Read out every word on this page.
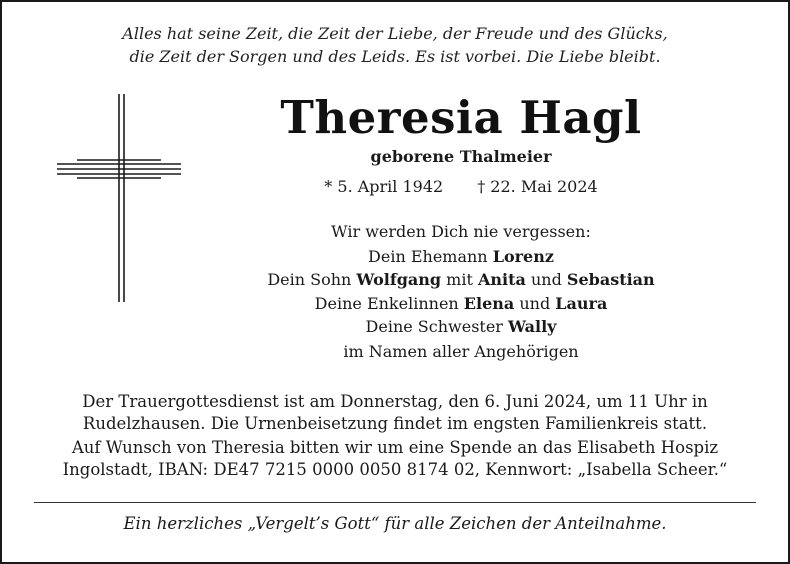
Alles hat seine Zeit, die Zeit der Liebe, der Freude und des Glücks,
die Zeit der Sorgen und des Leids. Es ist vorbei. Die Liebe bleibt.
Theresia Hagl
geborene Thalmeier
* 5. April 1942 † 22. Mai 2024
Wir werden Dich nie vergessen:
Dein Ehemann Lorenz
Dein Sohn Wolfgang mit Anita und Sebastian
Deine Enkelinnen Elena und Laura
Deine Schwester Wally
im Namen aller Angehörigen
Der Trauergottesdienst ist am Donnerstag, den 6. Juni 2024, um 11 Uhr in
Rudelzhausen. Die Urnenbeisetzung findet im engsten Familienkreis statt.
Auf Wunsch von Theresia bitten wir um eine Spende an das Elisabeth Hospiz
Ingolstadt, IBAN: DE47 7215 0000 0050 8174 02, Kennwort: „Isabella Scheer.“
Ein herzliches „Vergelt’s Gott“ für alle Zeichen der Anteilnahme.
